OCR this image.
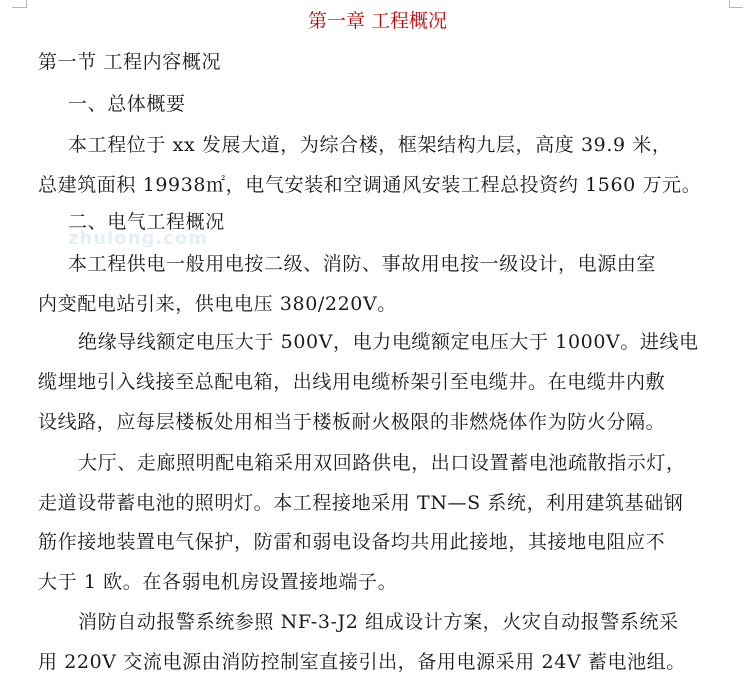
zhulong.com
第一章 工程概况
第一节 工程内容概况
一、总体概要
本工程位于 xx 发展大道，为综合楼，框架结构九层，高度 39.9 米，
总建筑面积 19938㎡，电气安装和空调通风安装工程总投资约 1560 万元。
二、电气工程概况
本工程供电一般用电按二级、消防、事故用电按一级设计，电源由室
内变配电站引来，供电电压 380/220V。
绝缘导线额定电压大于 500V，电力电缆额定电压大于 1000V。进线电
缆埋地引入线接至总配电箱，出线用电缆桥架引至电缆井。在电缆井内敷
设线路，应每层楼板处用相当于楼板耐火极限的非燃烧体作为防火分隔。
大厅、走廊照明配电箱采用双回路供电，出口设置蓄电池疏散指示灯，
走道设带蓄电池的照明灯。本工程接地采用 TN—S 系统，利用建筑基础钢
筋作接地装置电气保护，防雷和弱电设备均共用此接地，其接地电阻应不
大于 1 欧。在各弱电机房设置接地端子。
消防自动报警系统参照 NF-3-J2 组成设计方案，火灾自动报警系统采
用 220V 交流电源由消防控制室直接引出，备用电源采用 24V 蓄电池组。
